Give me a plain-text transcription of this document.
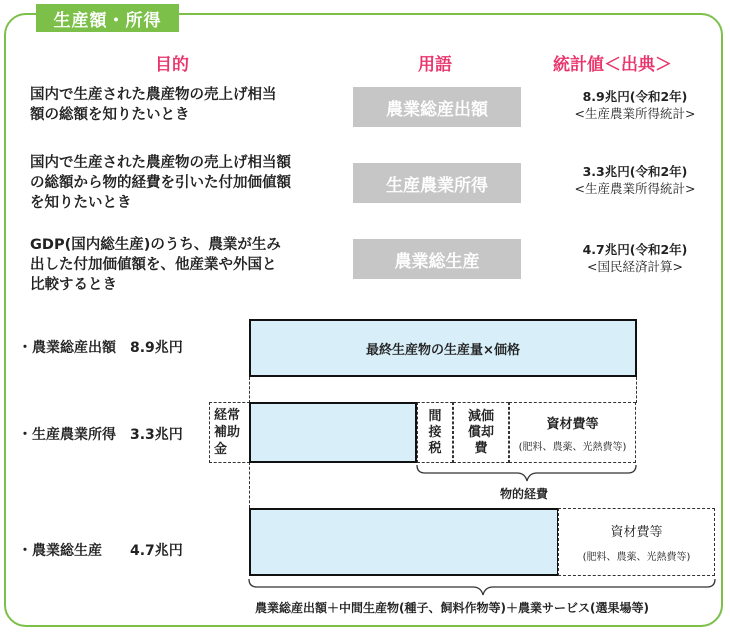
生産額・所得
目的	用語	統計値＜出典＞
国内で生産された農産物の売上げ相当
額の総額を知りたいとき	農業総産出額
8.9兆円(令和2年)
<生産農業所得統計>
国内で生産された農産物の売上げ相当額
の総額から物的経費を引いた付加価値額
を知りたいとき
生産農業所得
3.3兆円(令和2年)
<生産農業所得統計>
GDP(国内総生産)のうち、農業が生み
出した付加価値額を、他産業や外国と
比較するとき
農業総生産
4.7兆円(令和2年)
<国民経済計算>
・農業総産出額　8.9兆円	最終生産物の生産量×価格
・生産農業所得　3.3兆円
経常
補助
金
間
接
税
減価
償却
費
資材費等
(肥料、農薬、光熱費等)
物的経費
・農業総生産　　4.7兆円
資材費等
(肥料、農薬、光熱費等)
農業総産出額＋中間生産物(種子、飼料作物等)＋農業サービス(選果場等)
